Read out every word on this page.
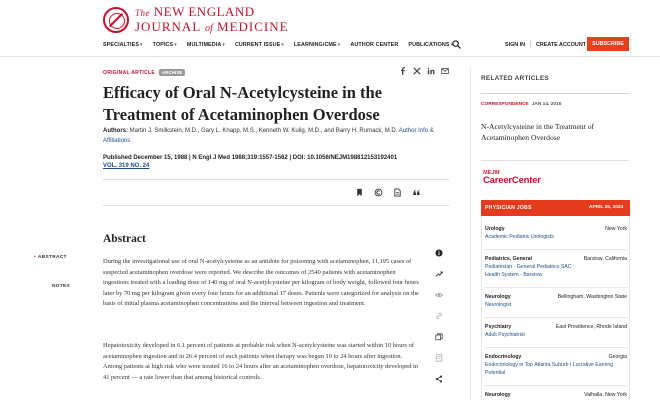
The NEW ENGLAND
JOURNAL of MEDICINE
SPECIALTIES▾ TOPICS▾ MULTIMEDIA▾ CURRENT ISSUE▾ LEARNING/CME▾ AUTHOR CENTER PUBLICATIONS▾	SIGN IN | CREATE ACCOUNT	SUBSCRIBE
ORIGINAL ARTICLE	ARCHIVE
Efficacy of Oral N-Acetylcysteine in the Treatment of Acetaminophen Overdose
Authors: Martin J. Smilkstein, M.D., Gary L. Knapp, M.S., Kenneth W. Kulig, M.D., and Barry H. Rumack, M.D. Author Info & Affiliations
Published December 15, 1988 | N Engl J Med 1988;319:1557-1562 | DOI: 10.1056/NEJM198812153192401
VOL. 319 NO. 24
• ABSTRACT
NOTES
Abstract

During the investigational use of oral N-acetylcysteine as an antidote for poisoning with acetaminophen, 11,195 cases of suspected acetaminophen overdose were reported. We describe the outcomes of 2540 patients with acetaminophen ingestions treated with a loading dose of 140 mg of oral N-acetylcysteine per kilogram of body weight, followed four hours later by 70 mg per kilogram given every four hours for an additional 17 doses. Patients were categorized for analysis on the basis of initial plasma acetaminophen concentrations and the interval between ingestion and treatment.

Hepatotoxicity developed in 6.1 percent of patients at probable risk when N-acetylcysteine was started within 10 hours of acetaminophen ingestion and in 26.4 percent of such patients when therapy was begun 10 to 24 hours after ingestion. Among patients at high risk who were treated 16 to 24 hours after an acetaminophen overdose, hepatotoxicity developed in 41 percent — a rate lower than that among historical controls.

RELATED ARTICLES
CORRESPONDENCE JAN 14, 2016
N-Acetylcysteine in the Treatment of Acetaminophen Overdose
NEJM
CareerCenter
PHYSICIAN JOBS	APRIL 26, 2024
Urology	New York
Academic Pediatric Urologists
Pediatrics, General	Barstow, California
Pediatrician - General Pediatrics SAC Health System - Barstow
Neurology	Bellingham, Washington State
Neurologist
Psychiatry	East Providence, Rhode Island
Adult Psychiatrist
Endocrinology	Georgia
Endocrinology in Top Atlanta Suburb | Lucrative Earning Potential
Neurology	Valhalla, New York
